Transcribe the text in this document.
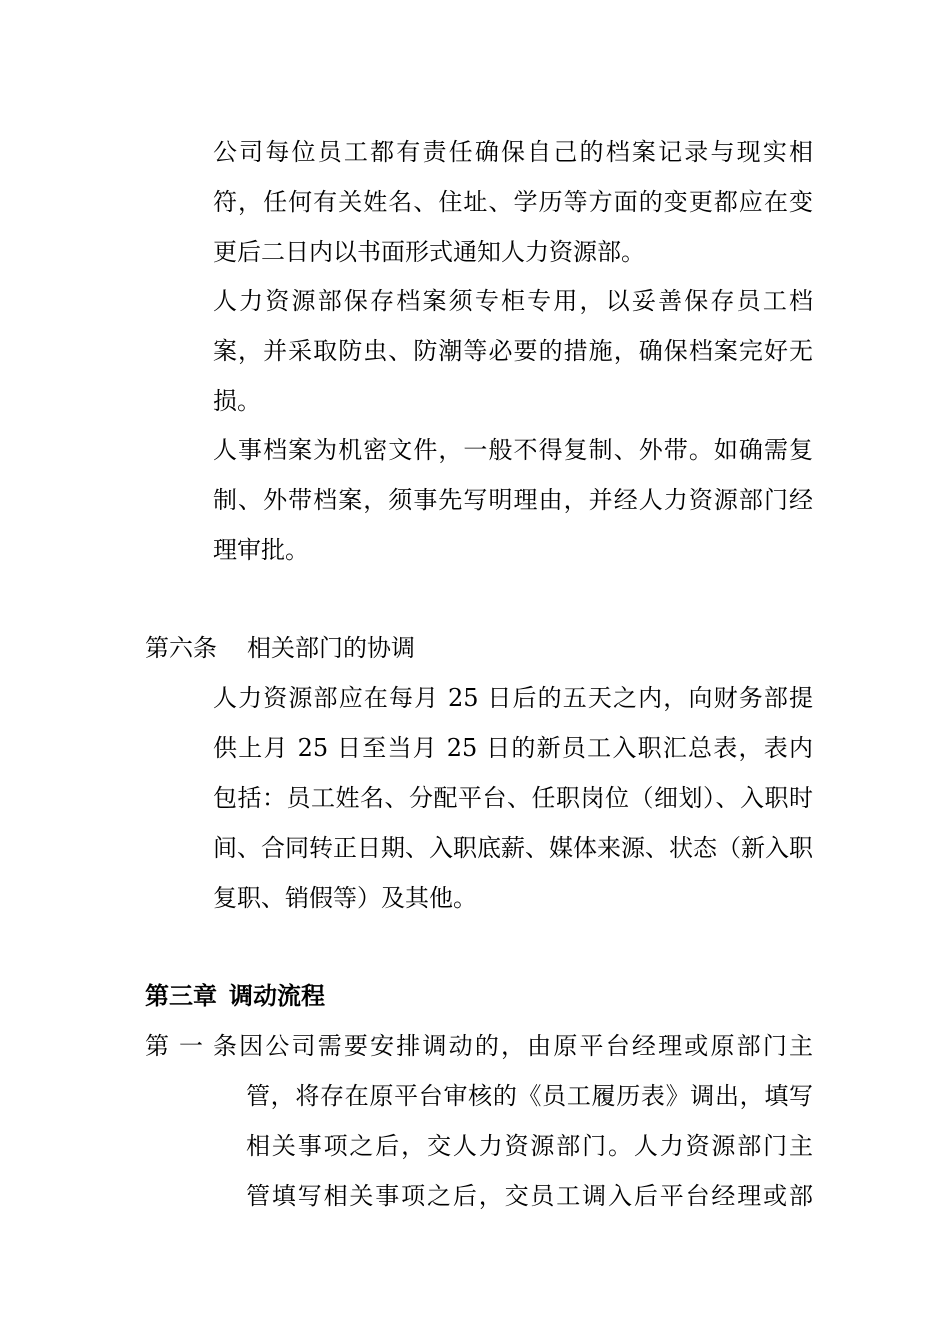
公司每位员工都有责任确保自己的档案记录与现实相
符，任何有关姓名、住址、学历等方面的变更都应在变
更后二日内以书面形式通知人力资源部。
人力资源部保存档案须专柜专用，以妥善保存员工档
案，并采取防虫、防潮等必要的措施，确保档案完好无
损。
人事档案为机密文件，一般不得复制、外带。如确需复
制、外带档案，须事先写明理由，并经人力资源部门经
理审批。
第六条 相关部门的协调
人力资源部应在每月 25 日后的五天之内，向财务部提
供上月 25 日至当月 25 日的新员工入职汇总表，表内
包括：员工姓名、分配平台、任职岗位（细划）、入职时
间、合同转正日期、入职底薪、媒体来源、状态（新入职
复职、销假等）及其他。
第三章 调动流程
第一条因公司需要安排调动的，由原平台经理或原部门主
管，将存在原平台审核的《员工履历表》调出，填写
相关事项之后，交人力资源部门。人力资源部门主
管填写相关事项之后，交员工调入后平台经理或部
